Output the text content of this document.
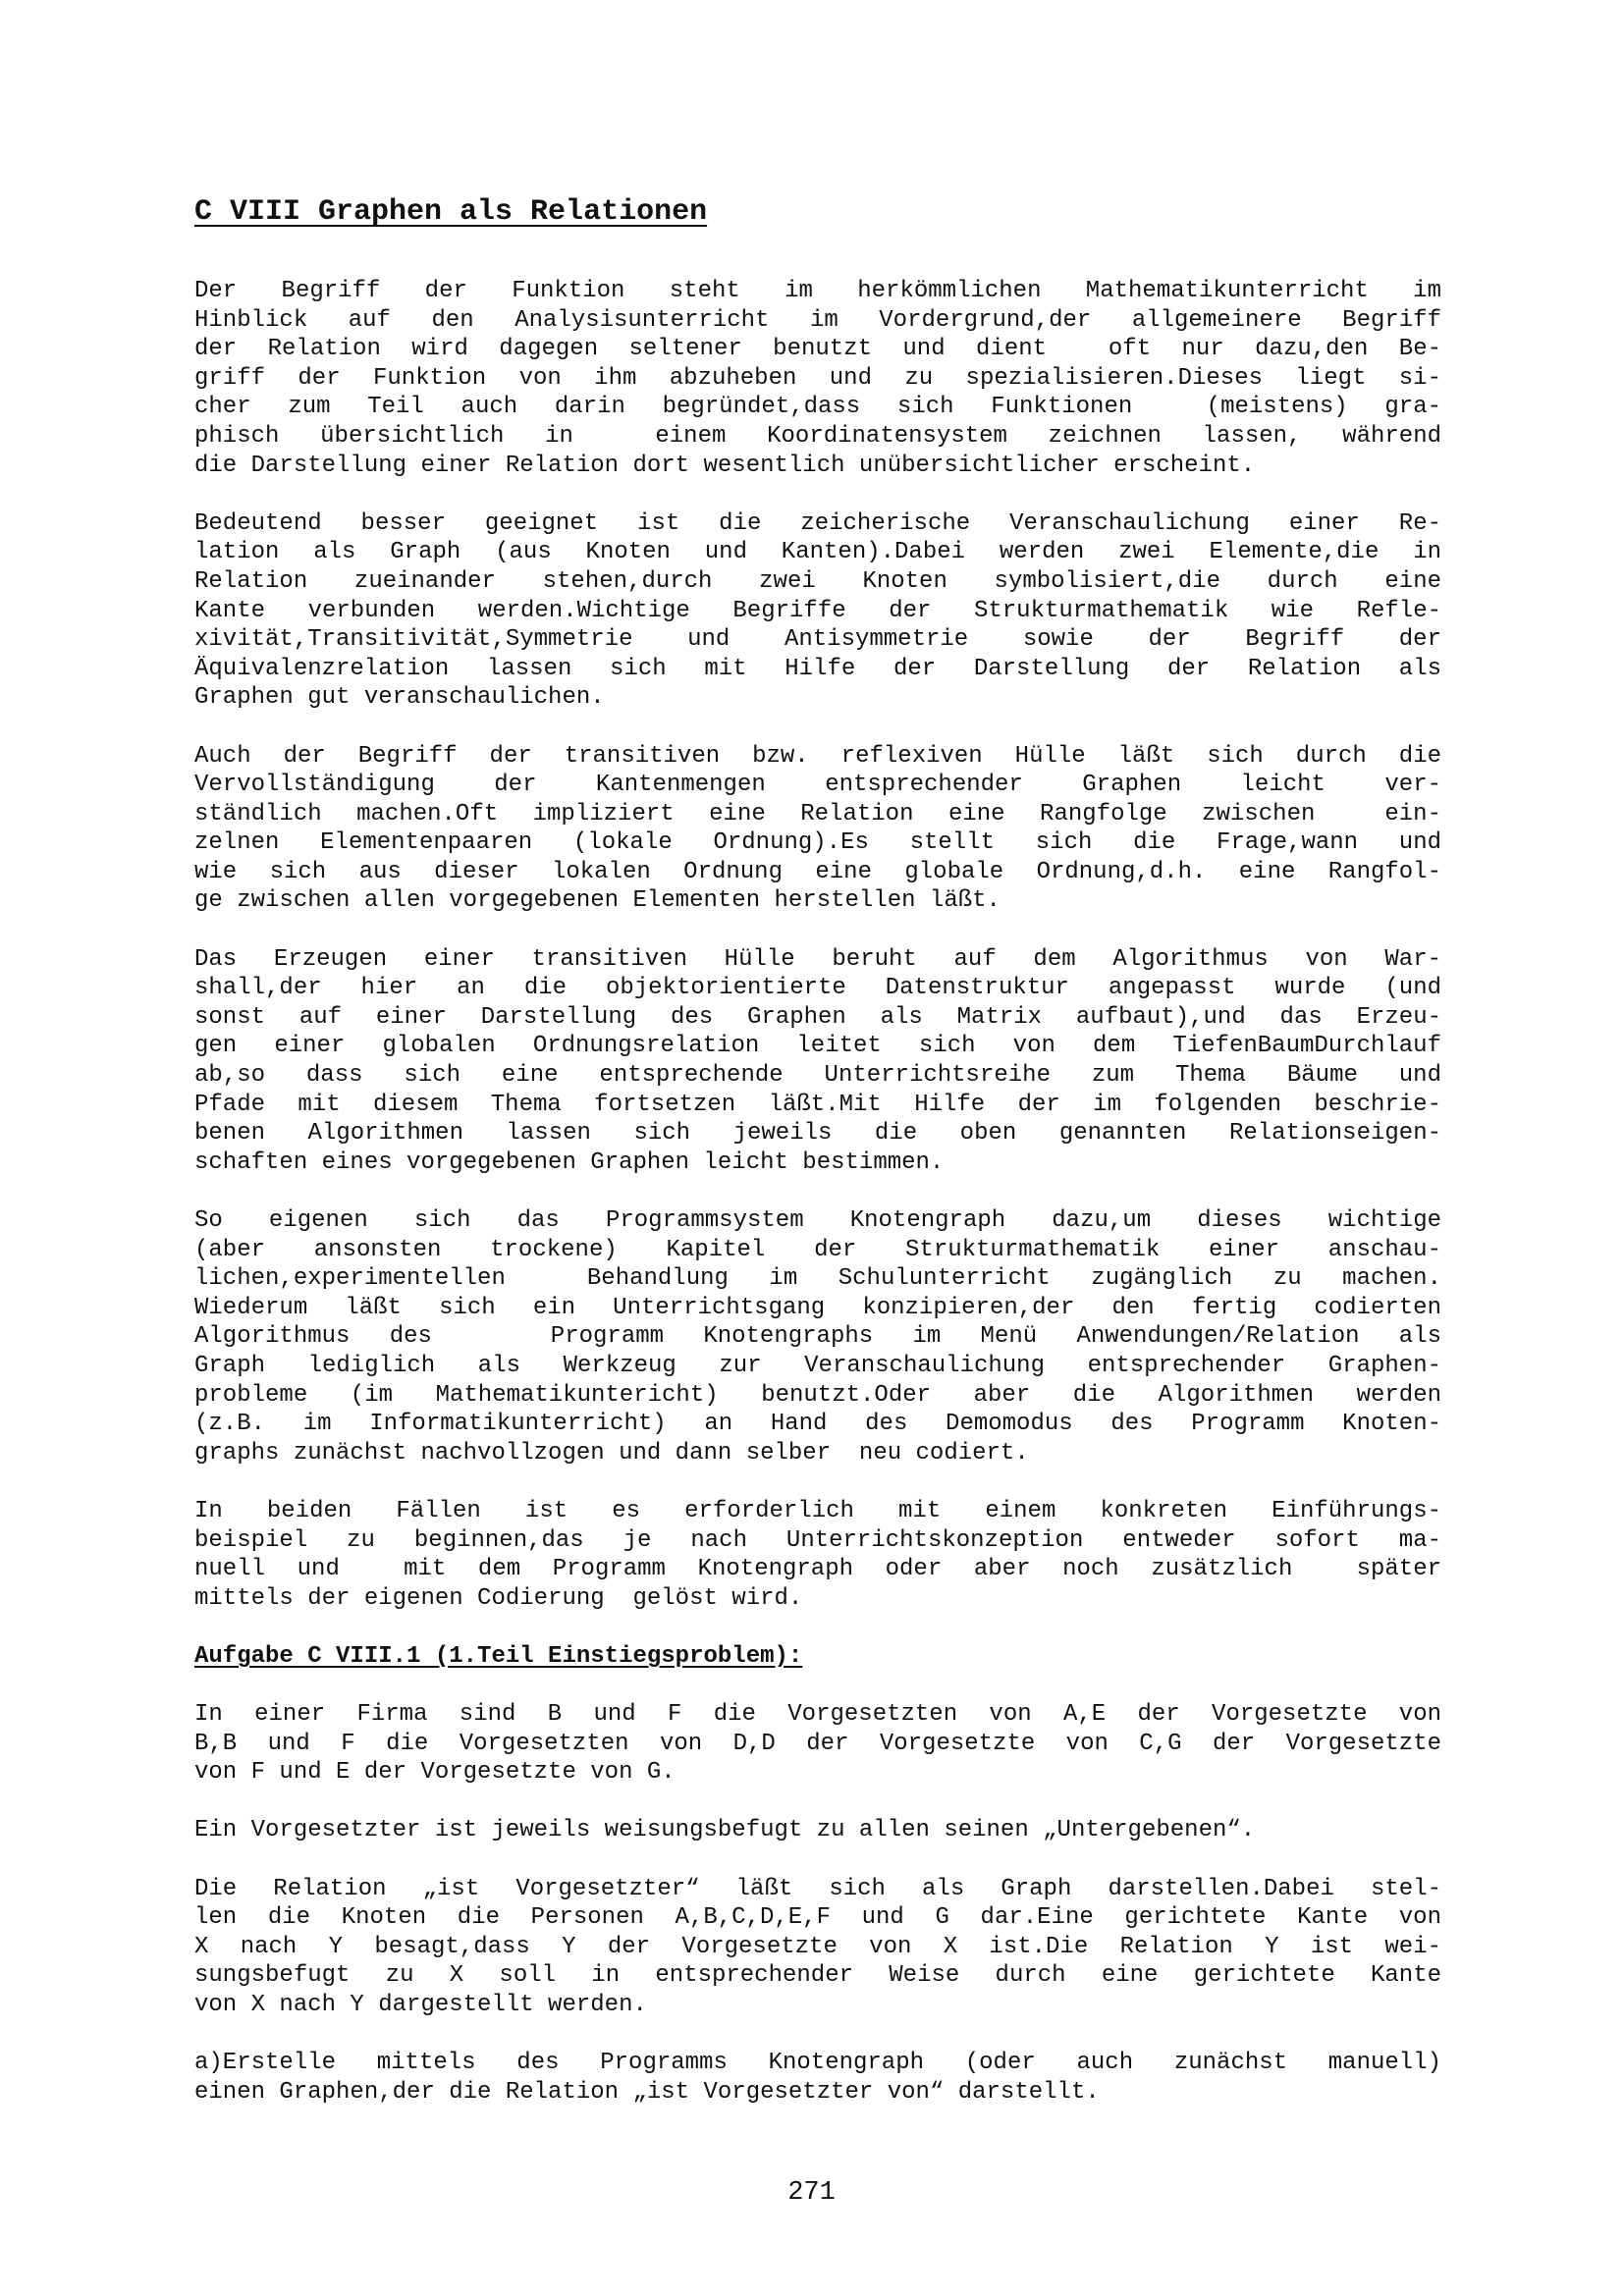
C VIII Graphen als Relationen

Der Begriff der Funktion steht im herkömmlichen Mathematikunterricht im
Hinblick auf den Analysisunterricht im Vordergrund,der allgemeinere Begriff
der Relation wird dagegen seltener benutzt und dient  oft nur dazu,den Be-
griff der Funktion von ihm abzuheben und zu spezialisieren.Dieses liegt si-
cher zum Teil auch darin begründet,dass sich Funktionen  (meistens) gra-
phisch übersichtlich in  einem Koordinatensystem zeichnen lassen, während
die Darstellung einer Relation dort wesentlich unübersichtlicher erscheint.

Bedeutend besser geeignet ist die zeicherische Veranschaulichung einer Re-
lation als Graph (aus Knoten und Kanten).Dabei werden zwei Elemente,die in
Relation zueinander stehen,durch zwei Knoten symbolisiert,die durch eine
Kante verbunden werden.Wichtige Begriffe der Strukturmathematik wie Refle-
xivität,Transitivität,Symmetrie und Antisymmetrie sowie der Begriff der
Äquivalenzrelation lassen sich mit Hilfe der Darstellung der Relation als
Graphen gut veranschaulichen.

Auch der Begriff der transitiven bzw. reflexiven Hülle läßt sich durch die
Vervollständigung der Kantenmengen entsprechender Graphen leicht ver-
ständlich machen.Oft impliziert eine Relation eine Rangfolge zwischen  ein-
zelnen Elementenpaaren (lokale Ordnung).Es stellt sich die Frage,wann und
wie sich aus dieser lokalen Ordnung eine globale Ordnung,d.h. eine Rangfol-
ge zwischen allen vorgegebenen Elementen herstellen läßt.

Das Erzeugen einer transitiven Hülle beruht auf dem Algorithmus von War-
shall,der hier an die objektorientierte Datenstruktur angepasst wurde (und
sonst auf einer Darstellung des Graphen als Matrix aufbaut),und das Erzeu-
gen einer globalen Ordnungsrelation leitet sich von dem TiefenBaumDurchlauf
ab,so dass sich eine entsprechende Unterrichtsreihe zum Thema Bäume und
Pfade mit diesem Thema fortsetzen läßt.Mit Hilfe der im folgenden beschrie-
benen Algorithmen lassen sich jeweils die oben genannten Relationseigen-
schaften eines vorgegebenen Graphen leicht bestimmen.

So eigenen sich das Programmsystem Knotengraph dazu,um dieses wichtige
(aber ansonsten trockene) Kapitel der Strukturmathematik einer anschau-
lichen,experimentellen  Behandlung im Schulunterricht zugänglich zu machen.
Wiederum läßt sich ein Unterrichtsgang konzipieren,der den fertig codierten
Algorithmus des   Programm Knotengraphs im Menü Anwendungen/Relation als
Graph lediglich als Werkzeug zur Veranschaulichung entsprechender Graphen-
probleme (im Mathematikuntericht) benutzt.Oder aber die Algorithmen werden
(z.B. im Informatikunterricht) an Hand des Demomodus des Programm Knoten-
graphs zunächst nachvollzogen und dann selber  neu codiert.

In beiden Fällen ist es erforderlich mit einem konkreten Einführungs-
beispiel zu beginnen,das je nach Unterrichtskonzeption entweder sofort ma-
nuell und  mit dem Programm Knotengraph oder aber noch zusätzlich  später
mittels der eigenen Codierung  gelöst wird.

Aufgabe C VIII.1 (1.Teil Einstiegsproblem):

In einer Firma sind B und F die Vorgesetzten von A,E der Vorgesetzte von
B,B und F die Vorgesetzten von D,D der Vorgesetzte von C,G der Vorgesetzte
von F und E der Vorgesetzte von G.

Ein Vorgesetzter ist jeweils weisungsbefugt zu allen seinen „Untergebenen“.

Die Relation „ist Vorgesetzter“ läßt sich als Graph darstellen.Dabei stel-
len die Knoten die Personen A,B,C,D,E,F und G dar.Eine gerichtete Kante von
X nach Y besagt,dass Y der Vorgesetzte von X ist.Die Relation Y ist wei-
sungsbefugt zu X soll in entsprechender Weise durch eine gerichtete Kante
von X nach Y dargestellt werden.

a)Erstelle mittels des Programms Knotengraph (oder auch zunächst manuell)
einen Graphen,der die Relation „ist Vorgesetzter von“ darstellt.

271
